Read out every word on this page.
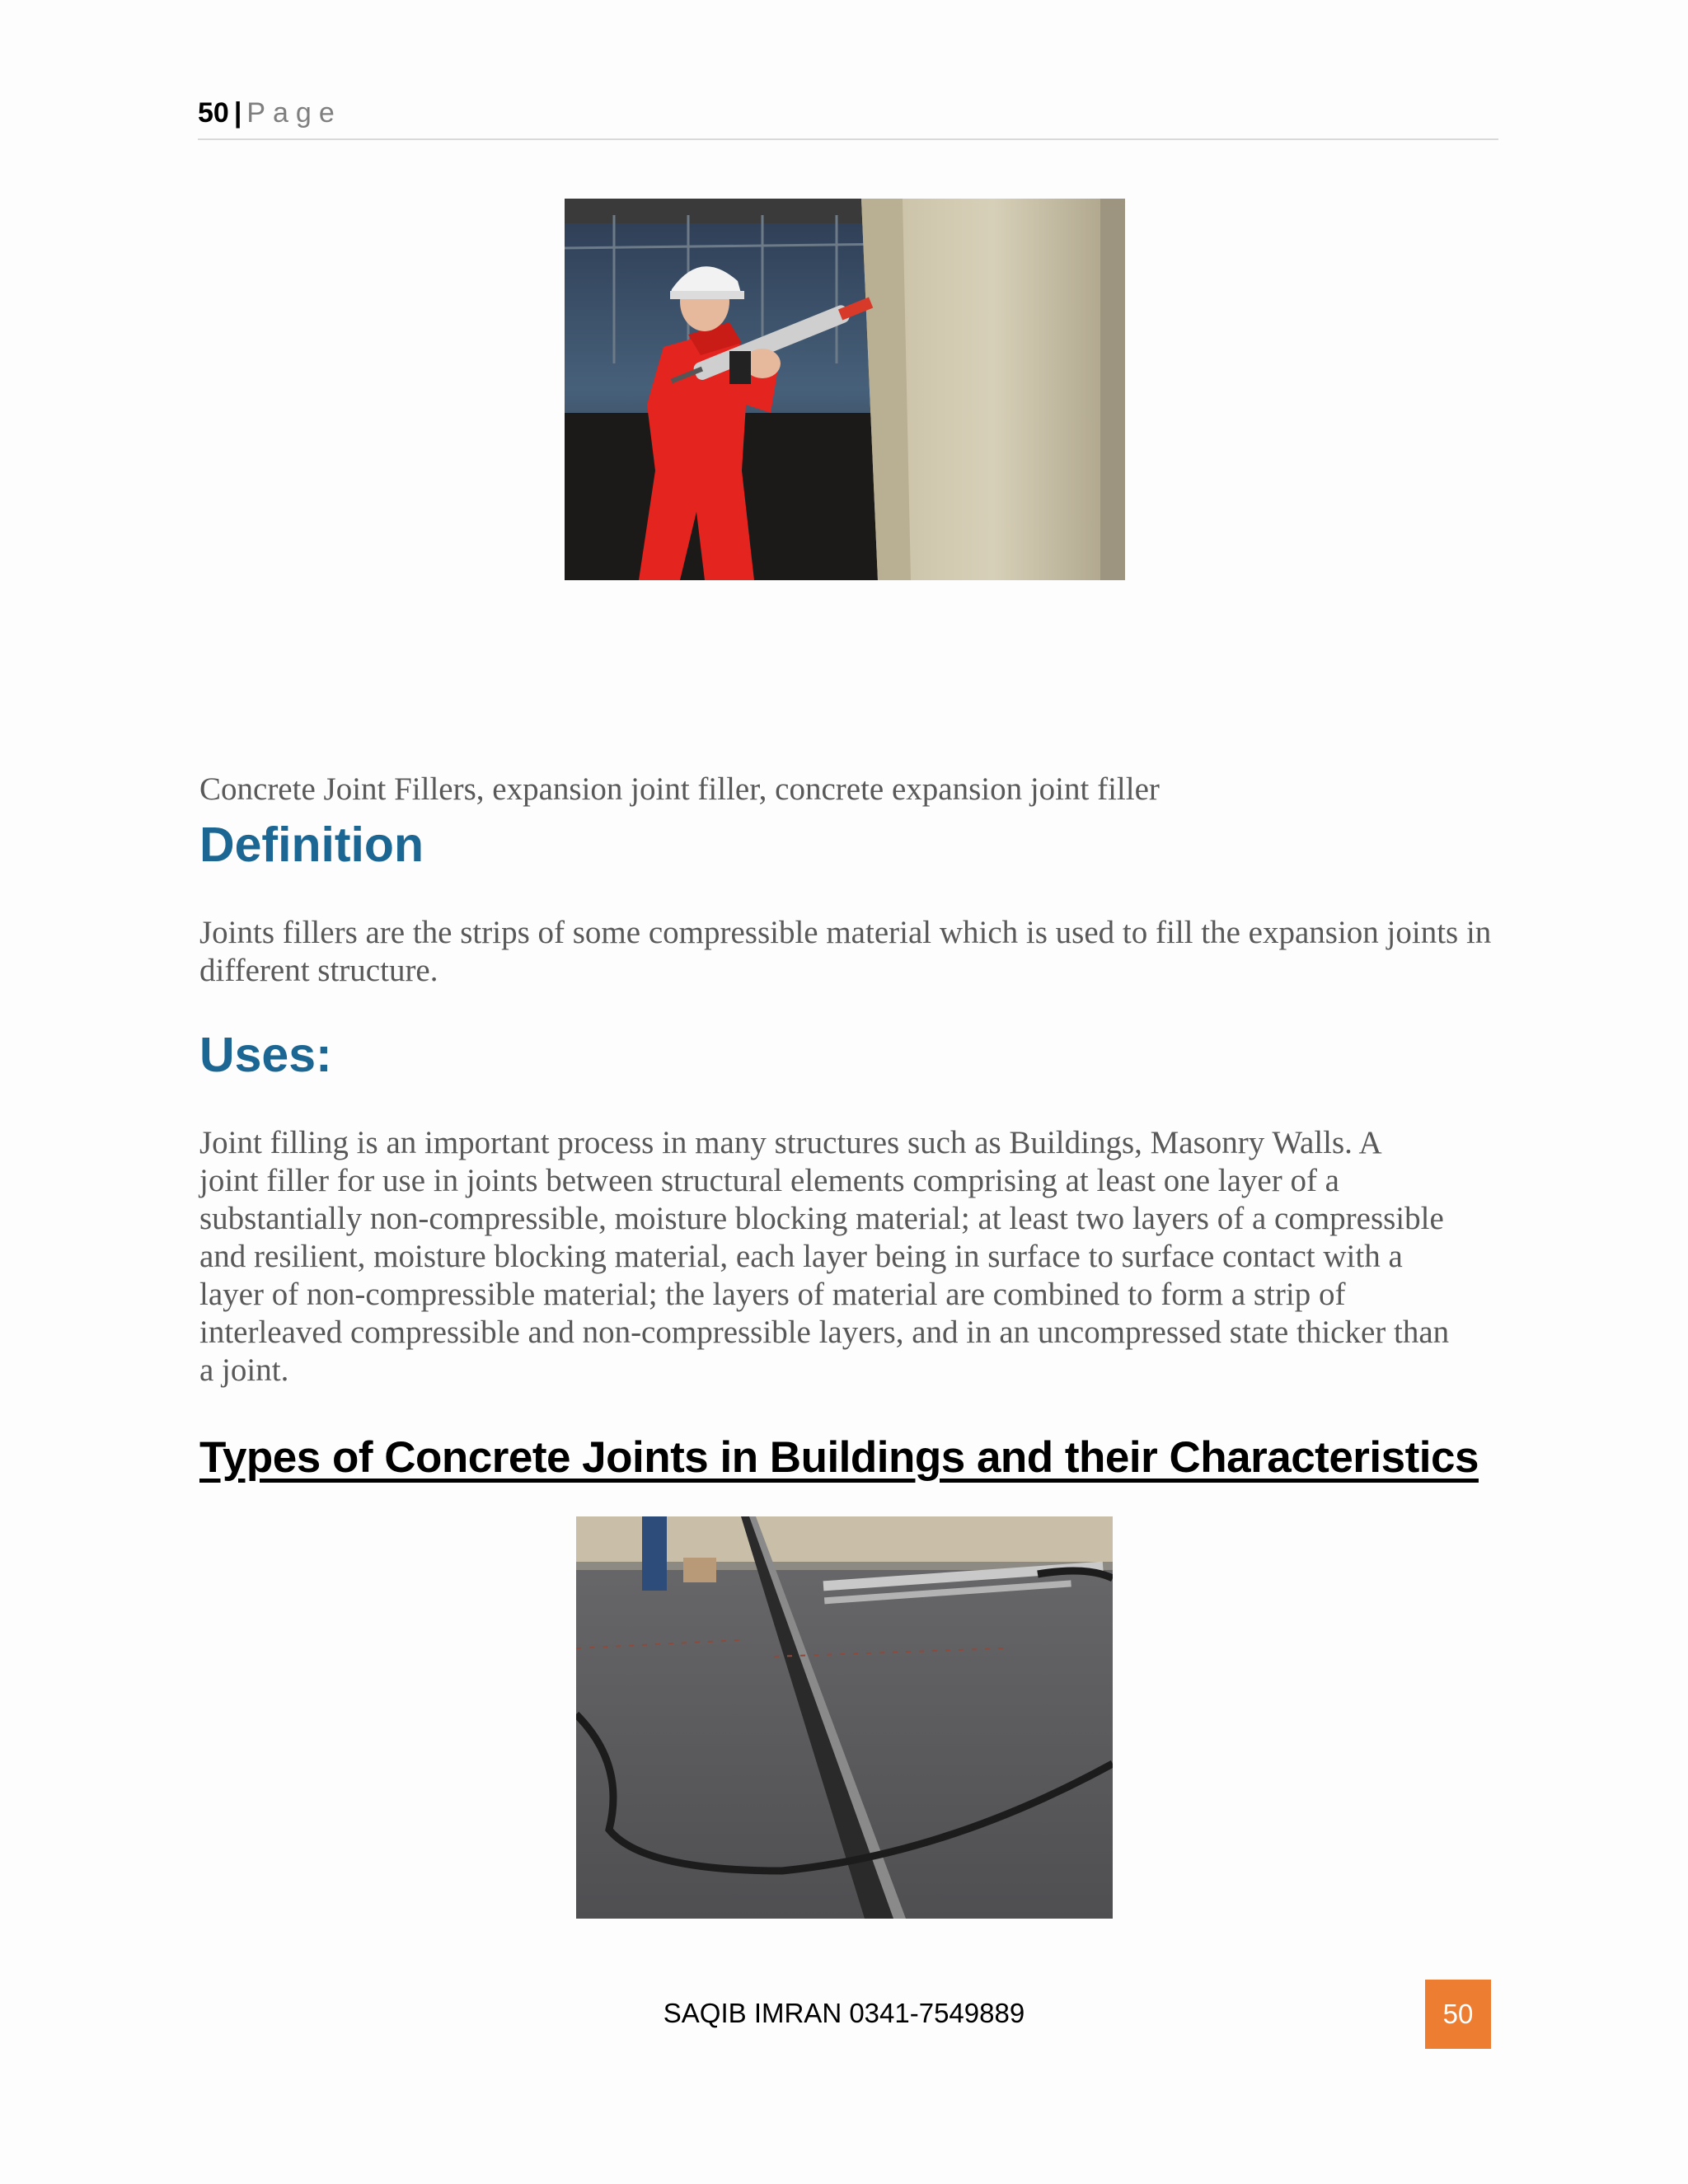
50 | Page

Concrete Joint Fillers, expansion joint filler, concrete expansion joint filler

Definition

Joints fillers are the strips of some compressible material which is used to fill the expansion joints in different structure.

Uses:
Joint filling is an important process in many structures such as Buildings, Masonry Walls. A
joint filler for use in joints between structural elements comprising at least one layer of a
substantially non-compressible, moisture blocking material; at least two layers of a compressible
and resilient, moisture blocking material, each layer being in surface to surface contact with a
layer of non-compressible material; the layers of material are combined to form a strip of
interleaved compressible and non-compressible layers, and in an uncompressed state thicker than
a joint.
Types of Concrete Joints in Buildings and their Characteristics
SAQIB IMRAN 0341-7549889	50
